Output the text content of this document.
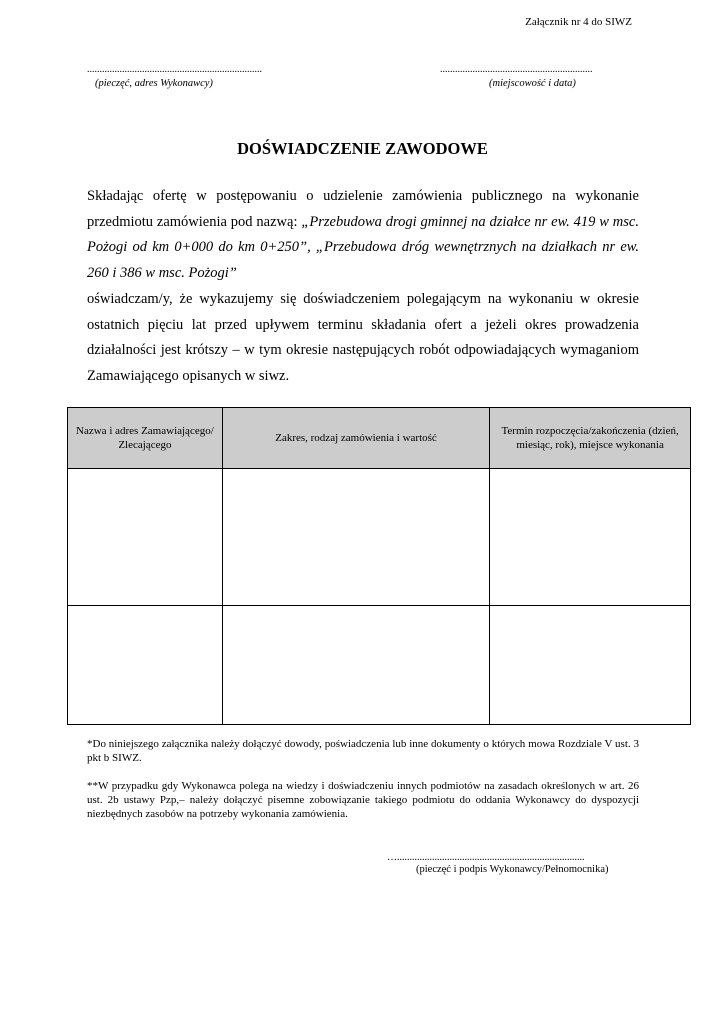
Załącznik nr 4 do SIWZ
......................................................................
(pieczęć, adres Wykonawcy)
.............................................................
(miejscowość i data)
DOŚWIADCZENIE ZAWODOWE

Składając ofertę w postępowaniu o udzielenie zamówienia publicznego na wykonanie przedmiotu zamówienia pod nazwą: „Przebudowa drogi gminnej na działce nr ew. 419 w msc. Pożogi od km 0+000 do km 0+250”, „Przebudowa dróg wewnętrznych na działkach nr ew. 260 i 386 w msc. Pożogi”

oświadczam/y, że wykazujemy się doświadczeniem polegającym na wykonaniu w okresie ostatnich pięciu lat przed upływem terminu składania ofert a jeżeli okres prowadzenia działalności jest krótszy – w tym okresie następujących robót odpowiadających wymaganiom Zamawiającego opisanych w siwz.

Nazwa i adres Zamawiającego/ Zlecającego	Zakres, rodzaj zamówienia i wartość	Termin rozpoczęcia/zakończenia (dzień, miesiąc, rok), miejsce wykonania

*Do niniejszego załącznika należy dołączyć dowody, poświadczenia lub inne dokumenty o których mowa Rozdziale V ust. 3 pkt b SIWZ.
**W przypadku gdy Wykonawca polega na wiedzy i doświadczeniu innych podmiotów na zasadach określonych w art. 26 ust. 2b ustawy Pzp,– należy dołączyć pisemne zobowiązanie takiego podmiotu do oddania Wykonawcy do dyspozycji niezbędnych zasobów na potrzeby wykonania zamówienia.
…...........................................................................
(pieczęć i podpis Wykonawcy/Pełnomocnika)
